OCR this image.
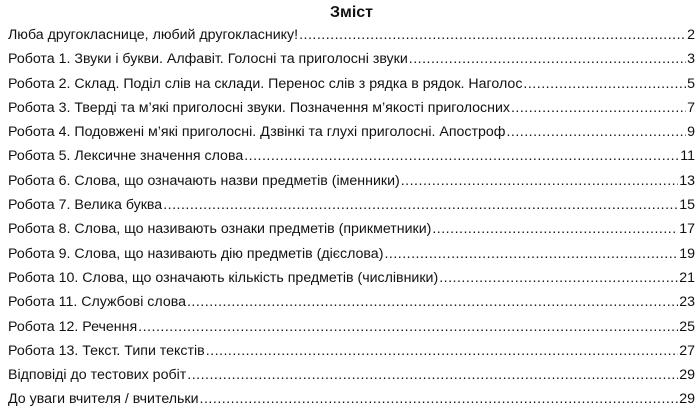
Зміст
Люба другокласнице, любий другокласнику! .....	2
Робота 1. Звуки і букви. Алфавіт. Голосні та приголосні звуки .....	3
Робота 2. Склад. Поділ слів на склади. Перенос слів з рядка в рядок. Наголос .....	5
Робота 3. Тверді та м’які приголосні звуки. Позначення м’якості приголосних .....	7
Робота 4. Подовжені м’які приголосні. Дзвінкі та глухі приголосні. Апостроф .....	9
Робота 5. Лексичне значення слова .....	11
Робота 6. Слова, що означають назви предметів (іменники) .....	13
Робота 7. Велика буква .....	15
Робота 8. Слова, що називають ознаки предметів (прикметники) .....	17
Робота 9. Слова, що називають дію предметів (дієслова) .....	19
Робота 10. Слова, що означають кількість предметів (числівники) .....	21
Робота 11. Службові слова .....	23
Робота 12. Речення .....	25
Робота 13. Текст. Типи текстів .....	27
Відповіді до тестових робіт .....	29
До уваги вчителя / вчительки .....	29
